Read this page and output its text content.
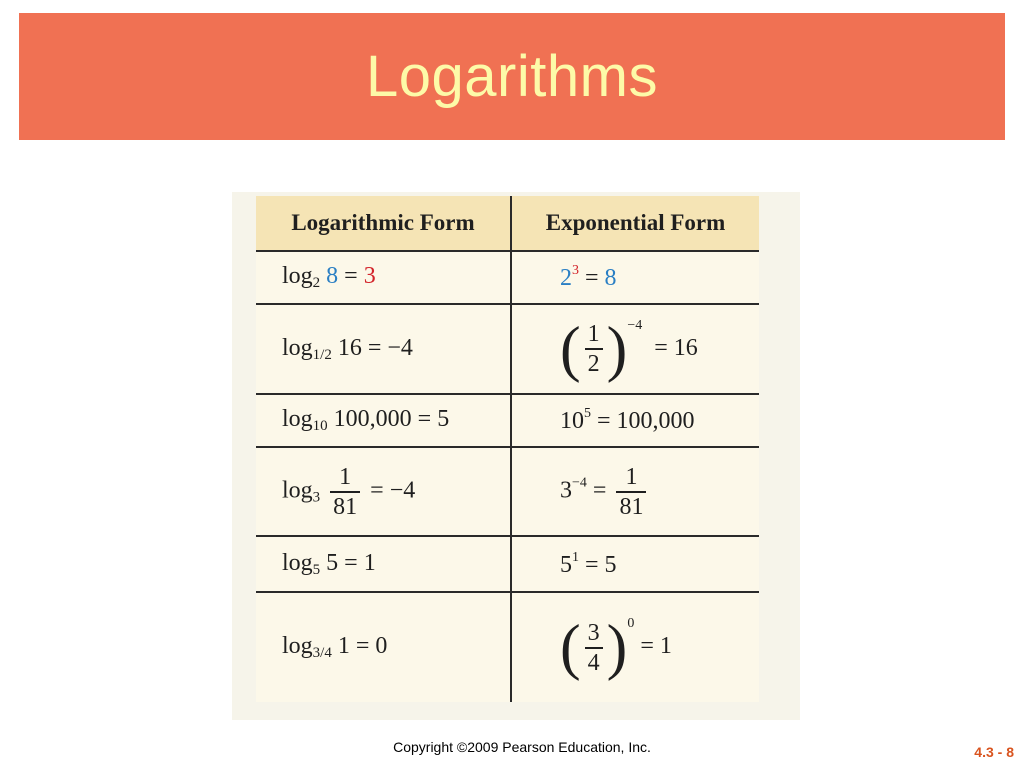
Logarithms
Logarithmic Form	Exponential Form
$\log_2 8 = 3$	$2^3 = 8$
$\log_{1/2} 16 = -4$	( $\frac{1}{2} )^{-4} = 16$
$\log_{10} 100,000 = 5$	$10^5 = 100,000$
$\log_3 \frac{1}{81} = -4$	$3^{-4} = \frac{1}{81}$

$\log_5 5 = 1$	$5^1 = 5$
$\log_{3/4} 1 = 0$	( $\frac{3}{4} )^0 = 1$
Copyright ©2009 Pearson Education, Inc.	4.3 - 8
